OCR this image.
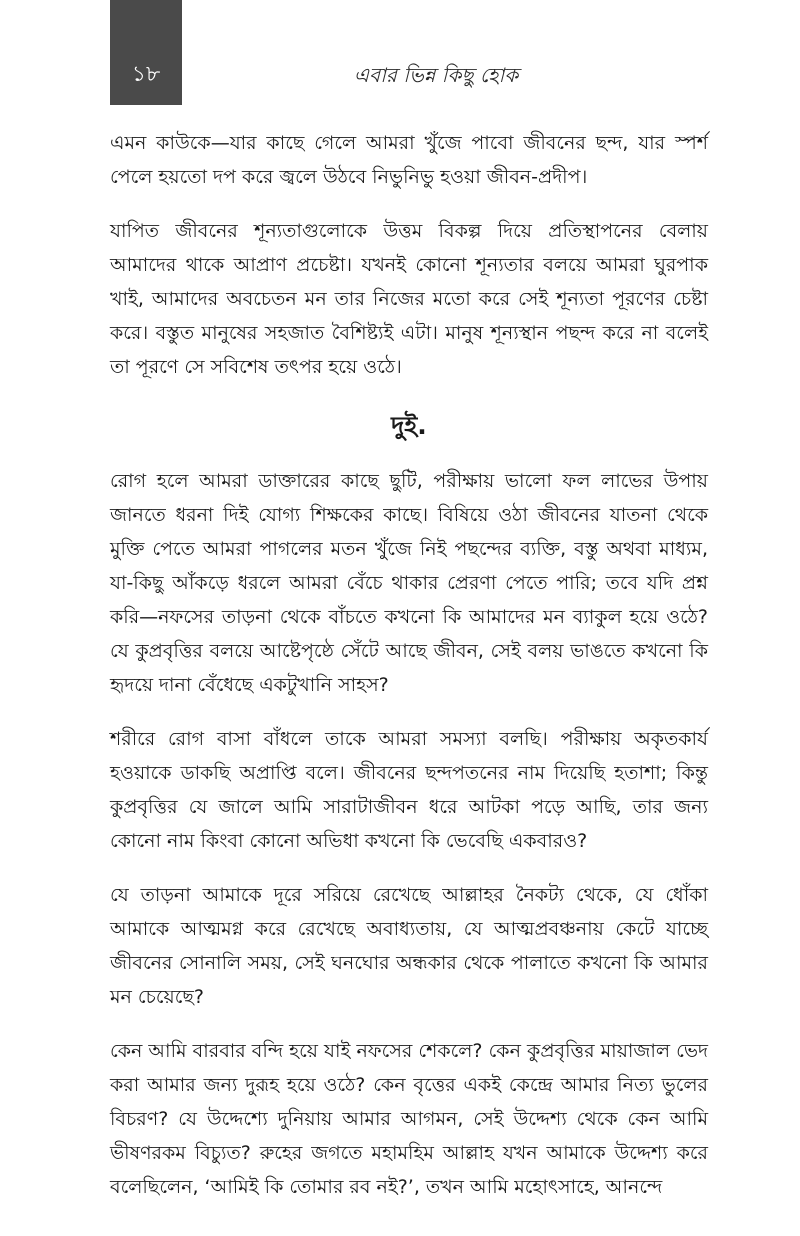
১৮	এবার ভিন্ন কিছু হোক

এমন কাউকে—যার কাছে গেলে আমরা খুঁজে পাবো জীবনের ছন্দ, যার স্পর্শ পেলে হয়তো দপ করে জ্বলে উঠবে নিভুনিভু হওয়া জীবন-প্রদীপ।

যাপিত জীবনের শূন্যতাগুলোকে উত্তম বিকল্প দিয়ে প্রতিস্থাপনের বেলায় আমাদের থাকে আপ্রাণ প্রচেষ্টা। যখনই কোনো শূন্যতার বলয়ে আমরা ঘুরপাক খাই, আমাদের অবচেতন মন তার নিজের মতো করে সেই শূন্যতা পূরণের চেষ্টা করে। বস্তুত মানুষের সহজাত বৈশিষ্ট্যই এটা। মানুষ শূন্যস্থান পছন্দ করে না বলেই তা পূরণে সে সবিশেষ তৎপর হয়ে ওঠে।

দুই.

রোগ হলে আমরা ডাক্তারের কাছে ছুটি, পরীক্ষায় ভালো ফল লাভের উপায় জানতে ধরনা দিই যোগ্য শিক্ষকের কাছে। বিষিয়ে ওঠা জীবনের যাতনা থেকে মুক্তি পেতে আমরা পাগলের মতন খুঁজে নিই পছন্দের ব্যক্তি, বস্তু অথবা মাধ্যম, যা-কিছু আঁকড়ে ধরলে আমরা বেঁচে থাকার প্রেরণা পেতে পারি; তবে যদি প্রশ্ন করি—নফসের তাড়না থেকে বাঁচতে কখনো কি আমাদের মন ব্যাকুল হয়ে ওঠে? যে কুপ্রবৃত্তির বলয়ে আষ্টেপৃষ্ঠে সেঁটে আছে জীবন, সেই বলয় ভাঙতে কখনো কি হৃদয়ে দানা বেঁধেছে একটুখানি সাহস?

শরীরে রোগ বাসা বাঁধলে তাকে আমরা সমস্যা বলছি। পরীক্ষায় অকৃতকার্য হওয়াকে ডাকছি অপ্রাপ্তি বলে। জীবনের ছন্দপতনের নাম দিয়েছি হতাশা; কিন্তু কুপ্রবৃত্তির যে জালে আমি সারাটাজীবন ধরে আটকা পড়ে আছি, তার জন্য কোনো নাম কিংবা কোনো অভিধা কখনো কি ভেবেছি একবারও?

যে তাড়না আমাকে দূরে সরিয়ে রেখেছে আল্লাহর নৈকট্য থেকে, যে ধোঁকা আমাকে আত্মমগ্ন করে রেখেছে অবাধ্যতায়, যে আত্মপ্রবঞ্চনায় কেটে যাচ্ছে জীবনের সোনালি সময়, সেই ঘনঘোর অন্ধকার থেকে পালাতে কখনো কি আমার মন চেয়েছে?

কেন আমি বারবার বন্দি হয়ে যাই নফসের শেকলে? কেন কুপ্রবৃত্তির মায়াজাল ভেদ করা আমার জন্য দুরূহ হয়ে ওঠে? কেন বৃত্তের একই কেন্দ্রে আমার নিত্য ভুলের বিচরণ? যে উদ্দেশ্যে দুনিয়ায় আমার আগমন, সেই উদ্দেশ্য থেকে কেন আমি ভীষণরকম বিচ্যুত? রুহের জগতে মহামহিম আল্লাহ যখন আমাকে উদ্দেশ্য করে বলেছিলেন, ‘আমিই কি তোমার রব নই?’, তখন আমি মহোৎসাহে, আনন্দে
